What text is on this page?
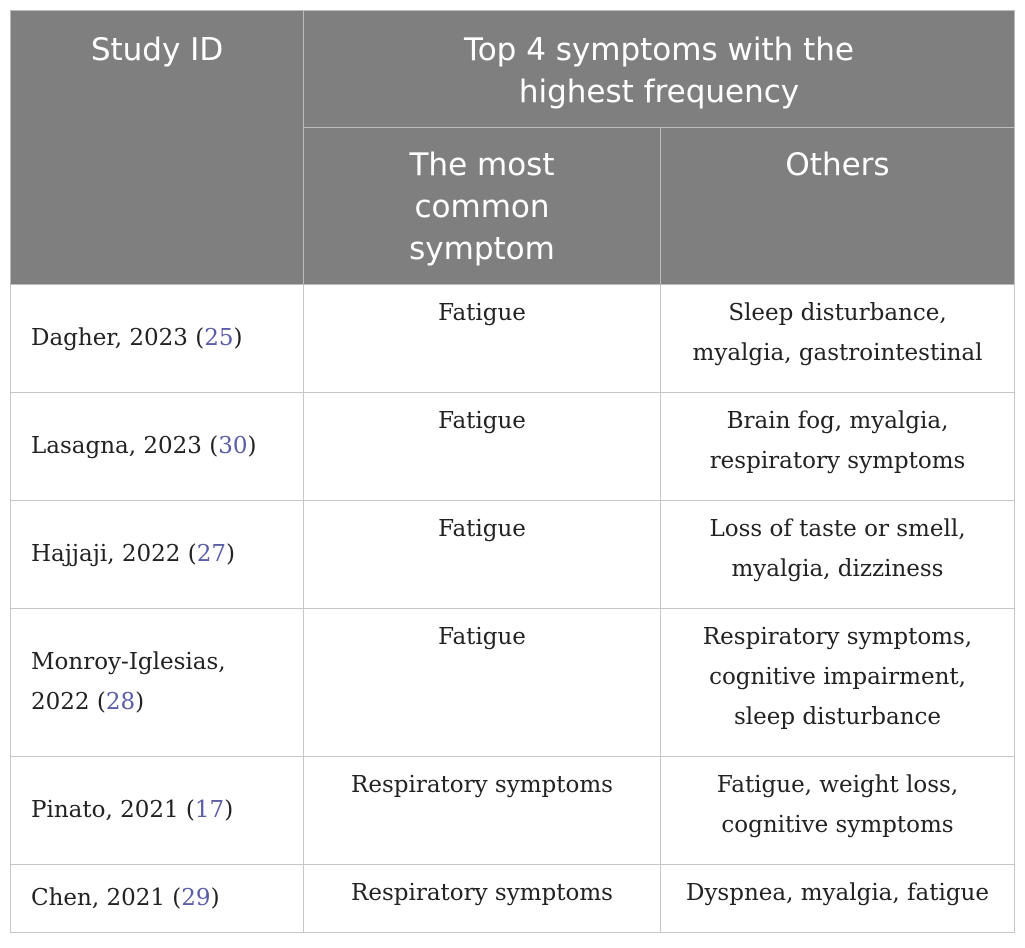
Study ID	Top 4 symptoms with the highest frequency	
	The most common symptom	Others
Dagher, 2023 (25)	Fatigue	Sleep disturbance, myalgia, gastrointestinal
Lasagna, 2023 (30)	Fatigue	Brain fog, myalgia, respiratory symptoms
Hajjaji, 2022 (27)	Fatigue	Loss of taste or smell, myalgia, dizziness
Monroy-Iglesias, 2022 (28)	Fatigue	Respiratory symptoms, cognitive impairment, sleep disturbance
Pinato, 2021 (17)	Respiratory symptoms	Fatigue, weight loss, cognitive symptoms
Chen, 2021 (29)	Respiratory symptoms	Dyspnea, myalgia, fatigue
